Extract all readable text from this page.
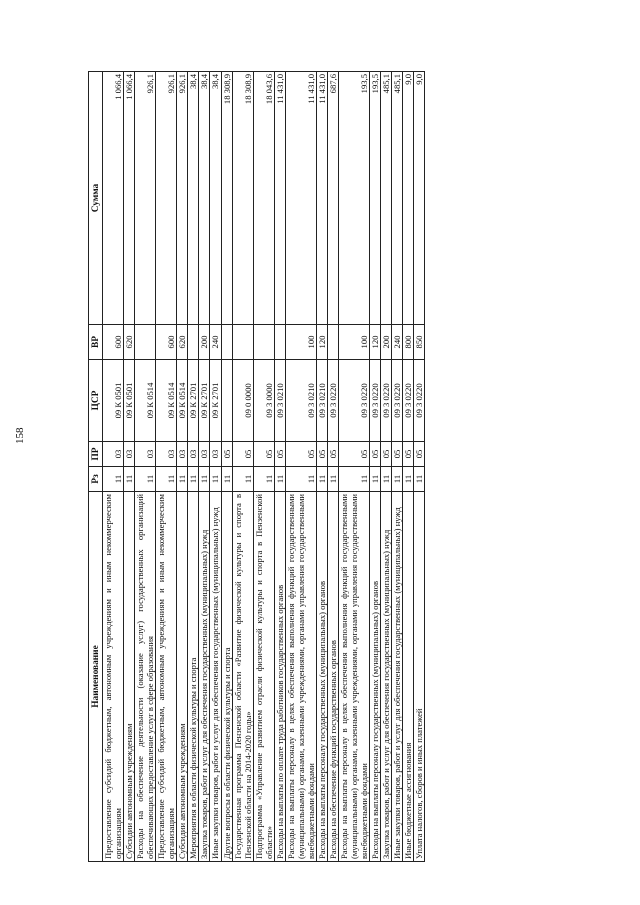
158
Наименование	Рз	ПР	ЦСР	ВР	Сумма
Предоставление субсидий бюджетным, автономным учреждениям и иным некоммерческим организациям	11	03	09 К 0501	600	1 066,4
Субсидии автономным учреждениям	11	03	09 К 0501	620	1 066,4
Расходы на обеспечение деятельности (оказание услуг) государственных организаций обеспечивающих предоставление услуг в сфере образования	11	03	09 К 0514		926,1
Предоставление субсидий бюджетным, автономным учреждениям и иным некоммерческим организациям	11	03	09 К 0514	600	926,1
Субсидии автономным учреждениям	11	03	09 К 0514	620	926,1
Мероприятия в области физической культуры и спорта	11	03	09 К 2701		38,4
Закупка товаров, работ и услуг для обеспечения государственных (муниципальных) нужд	11	03	09 К 2701	200	38,4
Иные закупки товаров, работ и услуг для обеспечения государственных (муниципальных) нужд	11	03	09 К 2701	240	38,4
Другие вопросы в области физической культуры и спорта	11	05			18 308,9
Государственная программа Пензенской области «Развитие физической культуры и спорта в Пензенской области на 2014-2020 годы»	11	05	09 0 0000		18 308,9
Подпрограмма «Управление развитием отрасли физической культуры и спорта в Пензенской области»	11	05	09 3 0000		18 043,6
Расходы на выплаты по оплате труда работников государственных органов	11	05	09 3 0210		11 431,0
Расходы на выплаты персоналу в целях обеспечения выполнения функций государственными (муниципальными) органами, казенными учреждениями, органами управления государственными внебюджетными фондами	11	05	09 3 0210	100	11 431,0
Расходы на выплаты персоналу государственных (муниципальных) органов	11	05	09 3 0210	120	11 431,0
Расходы на обеспечение функций государственных органов	11	05	09 3 0220		687,6
Расходы на выплаты персоналу в целях обеспечения выполнения функций государственными (муниципальными) органами, казенными учреждениями, органами управления государственными внебюджетными фондами	11	05	09 3 0220	100	193,5
Расходы на выплаты персоналу государственных (муниципальных) органов	11	05	09 3 0220	120	193,5
Закупка товаров, работ и услуг для обеспечения государственных (муниципальных) нужд	11	05	09 3 0220	200	485,1
Иные закупки товаров, работ и услуг для обеспечения государственных (муниципальных) нужд	11	05	09 3 0220	240	485,1
Иные бюджетные ассигнования	11	05	09 3 0220	800	9,0
Уплата налогов, сборов и иных платежей	11	05	09 3 0220	850	9,0
